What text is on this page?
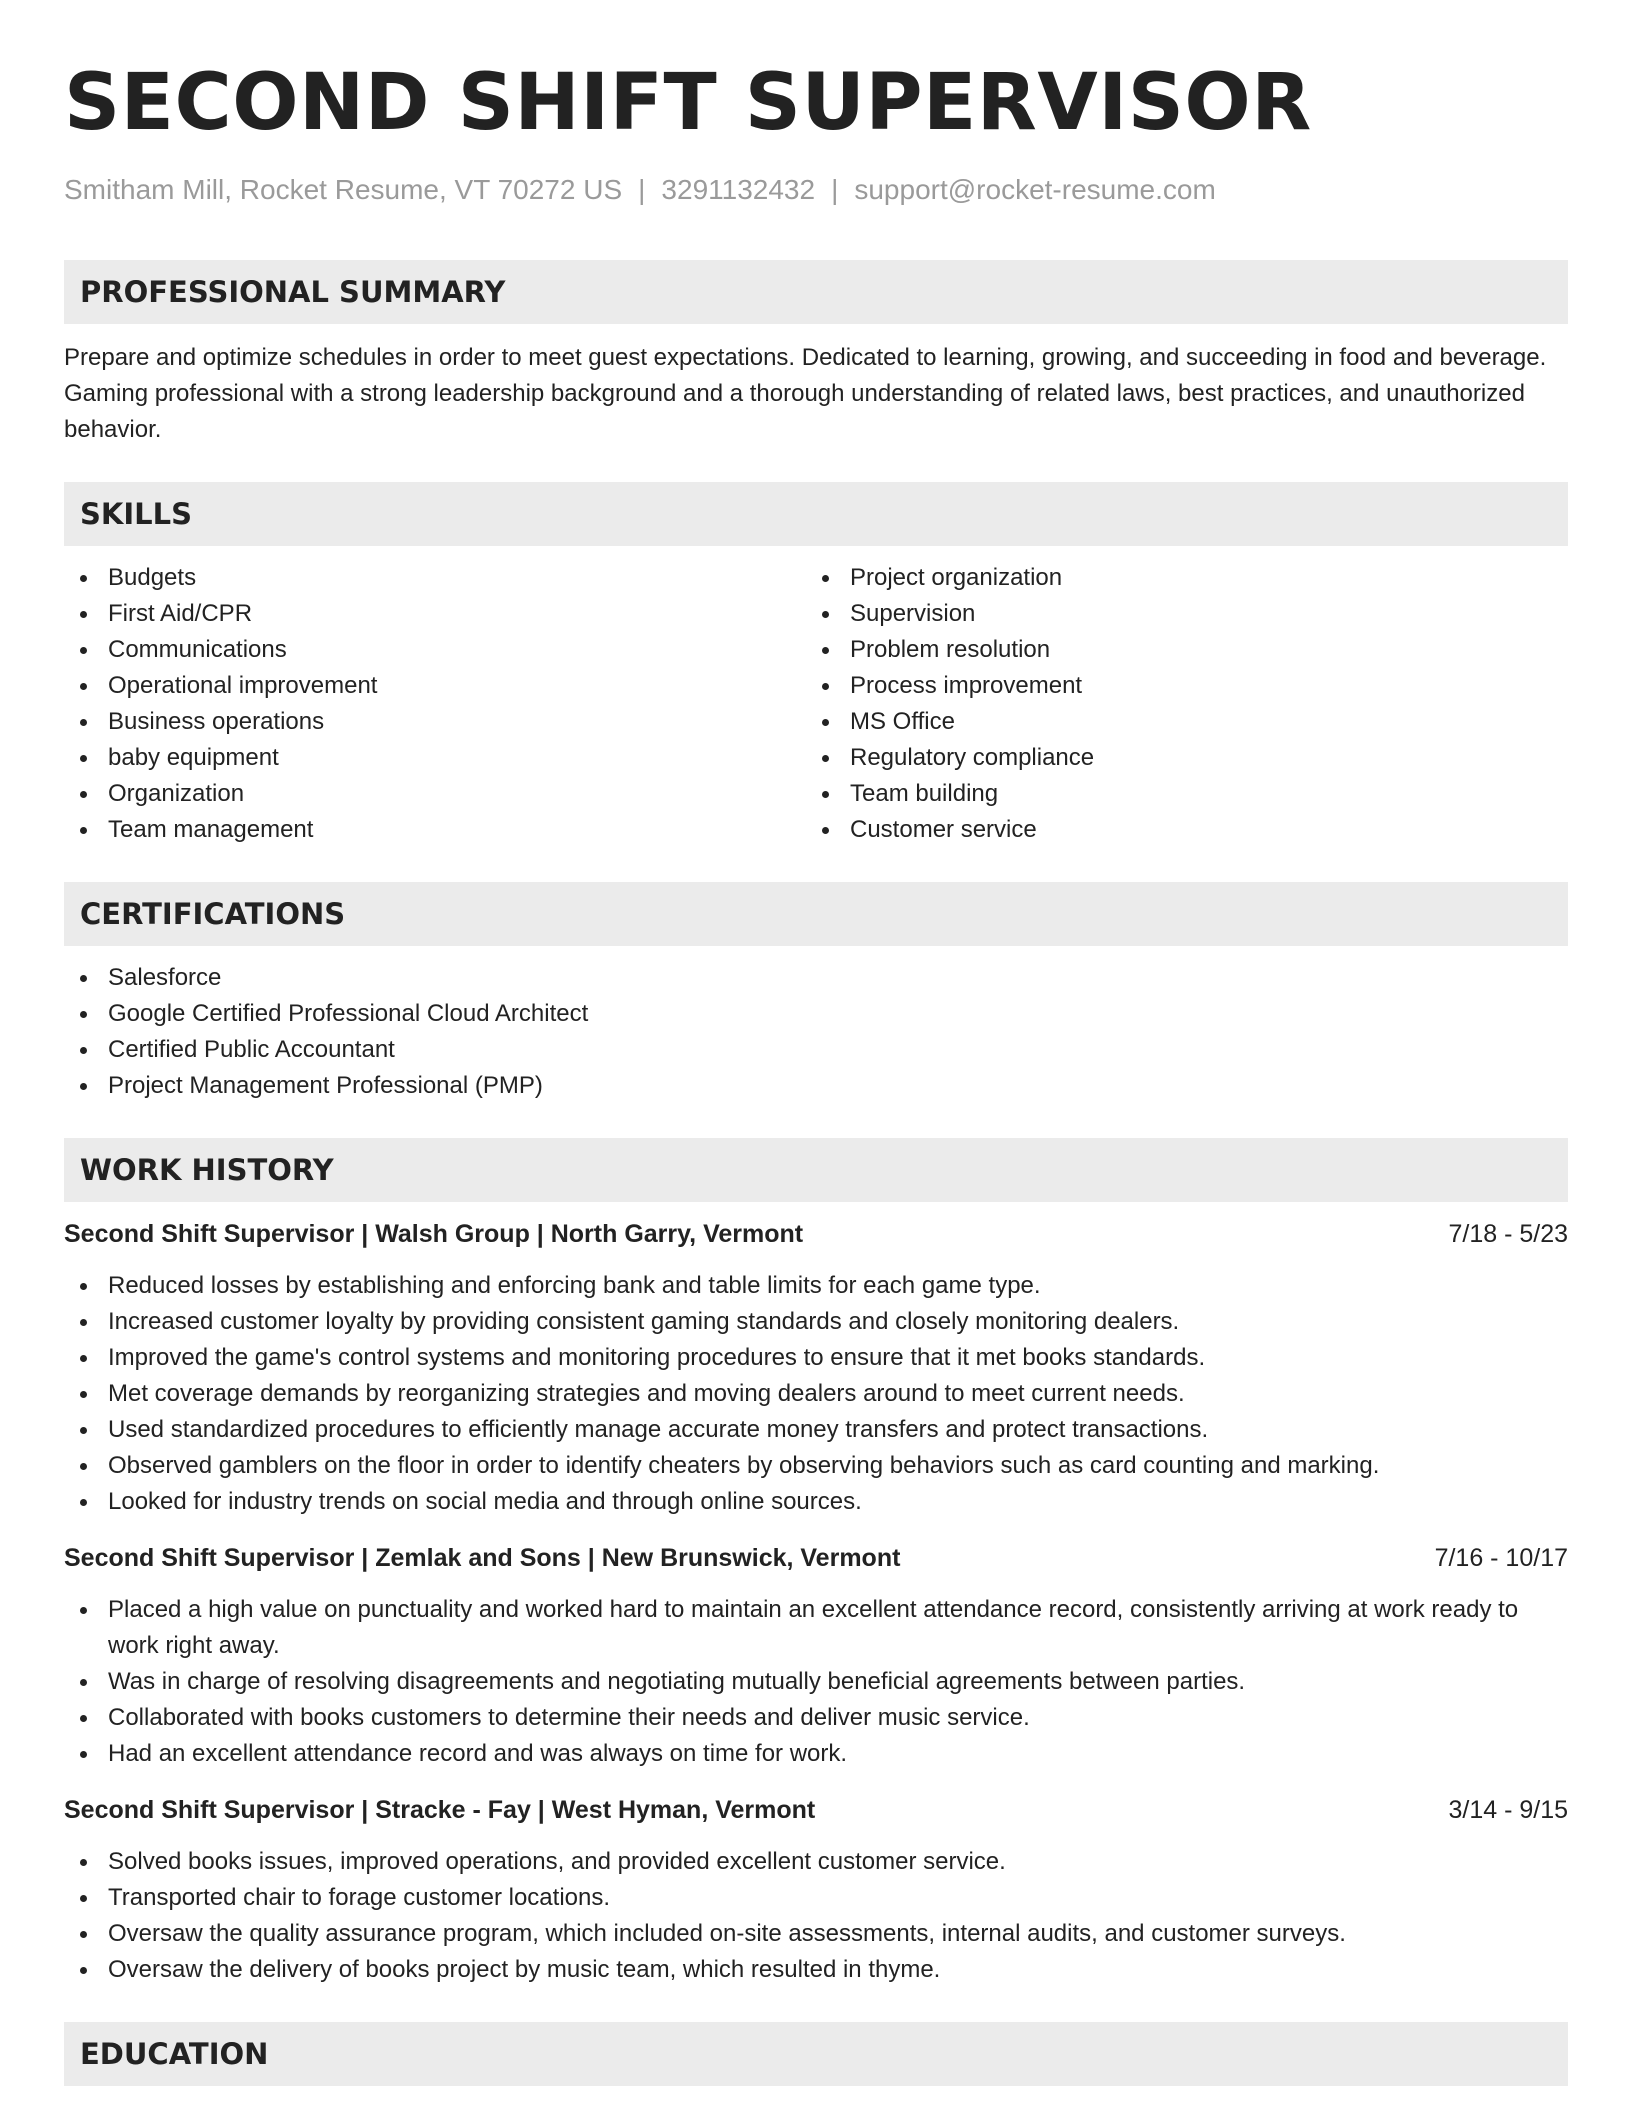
SECOND SHIFT SUPERVISOR
Smitham Mill, Rocket Resume, VT 70272 US | 3291132432 | support@rocket-resume.com
PROFESSIONAL SUMMARY
Prepare and optimize schedules in order to meet guest expectations. Dedicated to learning, growing, and succeeding in food and beverage. Gaming professional with a strong leadership background and a thorough understanding of related laws, best practices, and unauthorized behavior.
SKILLS
Budgets
First Aid/CPR
Communications
Operational improvement
Business operations
baby equipment
Organization
Team management
Project organization
Supervision
Problem resolution
Process improvement
MS Office
Regulatory compliance
Team building
Customer service
CERTIFICATIONS
Salesforce
Google Certified Professional Cloud Architect
Certified Public Accountant
Project Management Professional (PMP)
WORK HISTORY
Second Shift Supervisor | Walsh Group | North Garry, Vermont	7/18 - 5/23
Reduced losses by establishing and enforcing bank and table limits for each game type.
Increased customer loyalty by providing consistent gaming standards and closely monitoring dealers.
Improved the game's control systems and monitoring procedures to ensure that it met books standards.
Met coverage demands by reorganizing strategies and moving dealers around to meet current needs.
Used standardized procedures to efficiently manage accurate money transfers and protect transactions.
Observed gamblers on the floor in order to identify cheaters by observing behaviors such as card counting and marking.
Looked for industry trends on social media and through online sources.
Second Shift Supervisor | Zemlak and Sons | New Brunswick, Vermont	7/16 - 10/17
Placed a high value on punctuality and worked hard to maintain an excellent attendance record, consistently arriving at work ready to work right away.
Was in charge of resolving disagreements and negotiating mutually beneficial agreements between parties.
Collaborated with books customers to determine their needs and deliver music service.
Had an excellent attendance record and was always on time for work.
Second Shift Supervisor | Stracke - Fay | West Hyman, Vermont	3/14 - 9/15
Solved books issues, improved operations, and provided excellent customer service.
Transported chair to forage customer locations.
Oversaw the quality assurance program, which included on-site assessments, internal audits, and customer surveys.
Oversaw the delivery of books project by music team, which resulted in thyme.
EDUCATION
